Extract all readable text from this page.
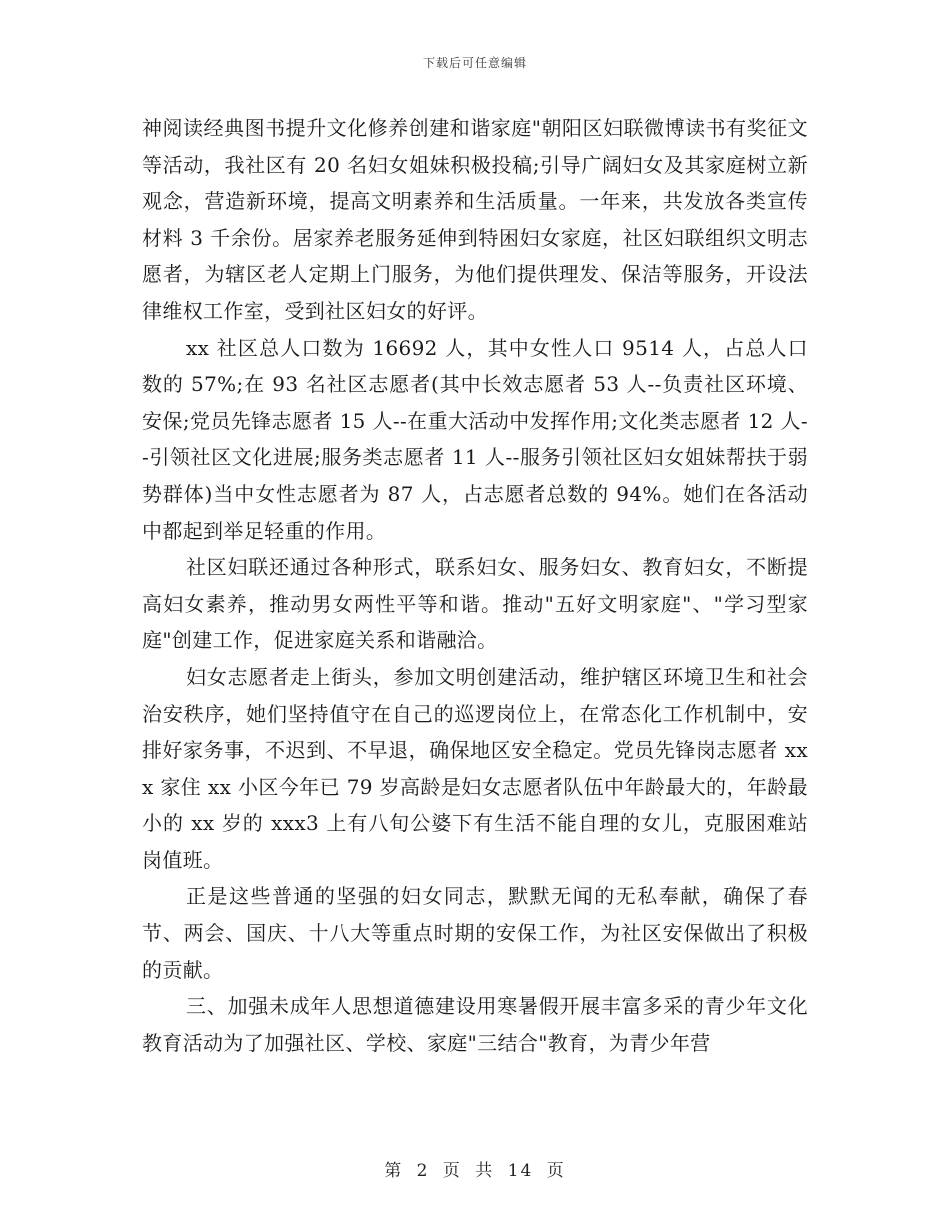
下载后可任意编辑

神阅读经典图书提升文化修养创建和谐家庭"朝阳区妇联微博读书有奖征文等活动，我社区有 20 名妇女姐妹积极投稿;引导广阔妇女及其家庭树立新观念，营造新环境，提高文明素养和生活质量。一年来，共发放各类宣传材料 3 千余份。居家养老服务延伸到特困妇女家庭，社区妇联组织文明志愿者，为辖区老人定期上门服务，为他们提供理发、保洁等服务，开设法律维权工作室，受到社区妇女的好评。

xx 社区总人口数为 16692 人，其中女性人口 9514 人，占总人口数的 57%;在 93 名社区志愿者(其中长效志愿者 53 人--负责社区环境、安保;党员先锋志愿者 15 人--在重大活动中发挥作用;文化类志愿者 12 人--引领社区文化进展;服务类志愿者 11 人--服务引领社区妇女姐妹帮扶于弱势群体)当中女性志愿者为 87 人，占志愿者总数的 94%。她们在各活动中都起到举足轻重的作用。

社区妇联还通过各种形式，联系妇女、服务妇女、教育妇女，不断提高妇女素养，推动男女两性平等和谐。推动"五好文明家庭"、"学习型家庭"创建工作，促进家庭关系和谐融洽。

妇女志愿者走上街头，参加文明创建活动，维护辖区环境卫生和社会治安秩序，她们坚持值守在自己的巡逻岗位上，在常态化工作机制中，安排好家务事，不迟到、不早退，确保地区安全稳定。党员先锋岗志愿者 xxx 家住 xx 小区今年已 79 岁高龄是妇女志愿者队伍中年龄最大的，年龄最小的 xx 岁的 xxx3 上有八旬公婆下有生活不能自理的女儿，克服困难站岗值班。

正是这些普通的坚强的妇女同志，默默无闻的无私奉献，确保了春节、两会、国庆、十八大等重点时期的安保工作，为社区安保做出了积极的贡献。

三、加强未成年人思想道德建设用寒暑假开展丰富多采的青少年文化教育活动为了加强社区、学校、家庭"三结合"教育，为青少年营

第 2 页 共 14 页
